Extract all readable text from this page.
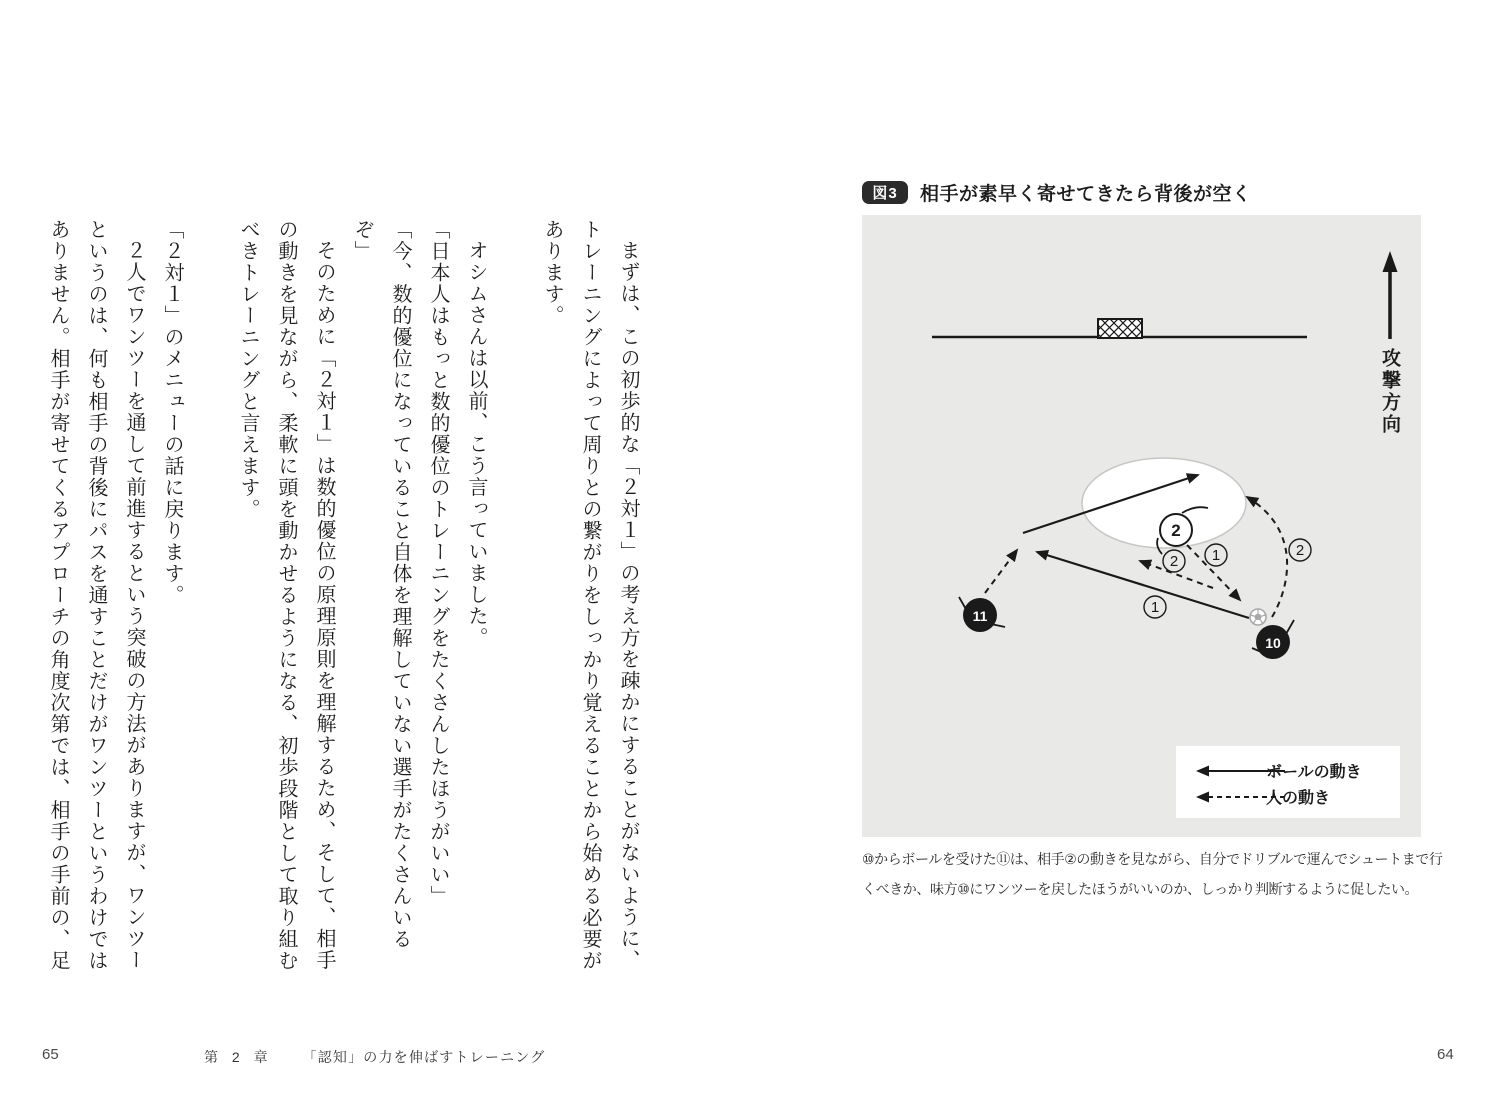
まずは、この初歩的な「２対１」の考え方を疎かにすることがないように、トレーニングによって周りとの繋がりをしっかり覚えることから始める必要があります。

オシムさんは以前、こう言っていました。

「日本人はもっと数的優位のトレーニングをたくさんしたほうがいい」

「今、数的優位になっていること自体を理解していない選手がたくさんいるぞ」

そのために「２対１」は数的優位の原理原則を理解するため、そして、相手の動きを見ながら、柔軟に頭を動かせるようになる、初歩段階として取り組むべきトレーニングと言えます。

「２対１」のメニューの話に戻ります。

２人でワンツーを通して前進するという突破の方法がありますが、ワンツーというのは、何も相手の背後にパスを通すことだけがワンツーというわけではありません。相手が寄せてくるアプローチの角度次第では、相手の手前の、足

65	第 2 章 「認知」の力を伸ばすトレーニング
図3	相手が素早く寄せてきたら背後が空く
1
1
2
2
2
11
10
ボールの動き
人の動き
攻撃方向
⑩からボールを受けた⑪は、相手②の動きを見ながら、自分でドリブルで運んでシュートまで行くべきか、味方⑩にワンツーを戻したほうがいいのか、しっかり判断するように促したい。
64
